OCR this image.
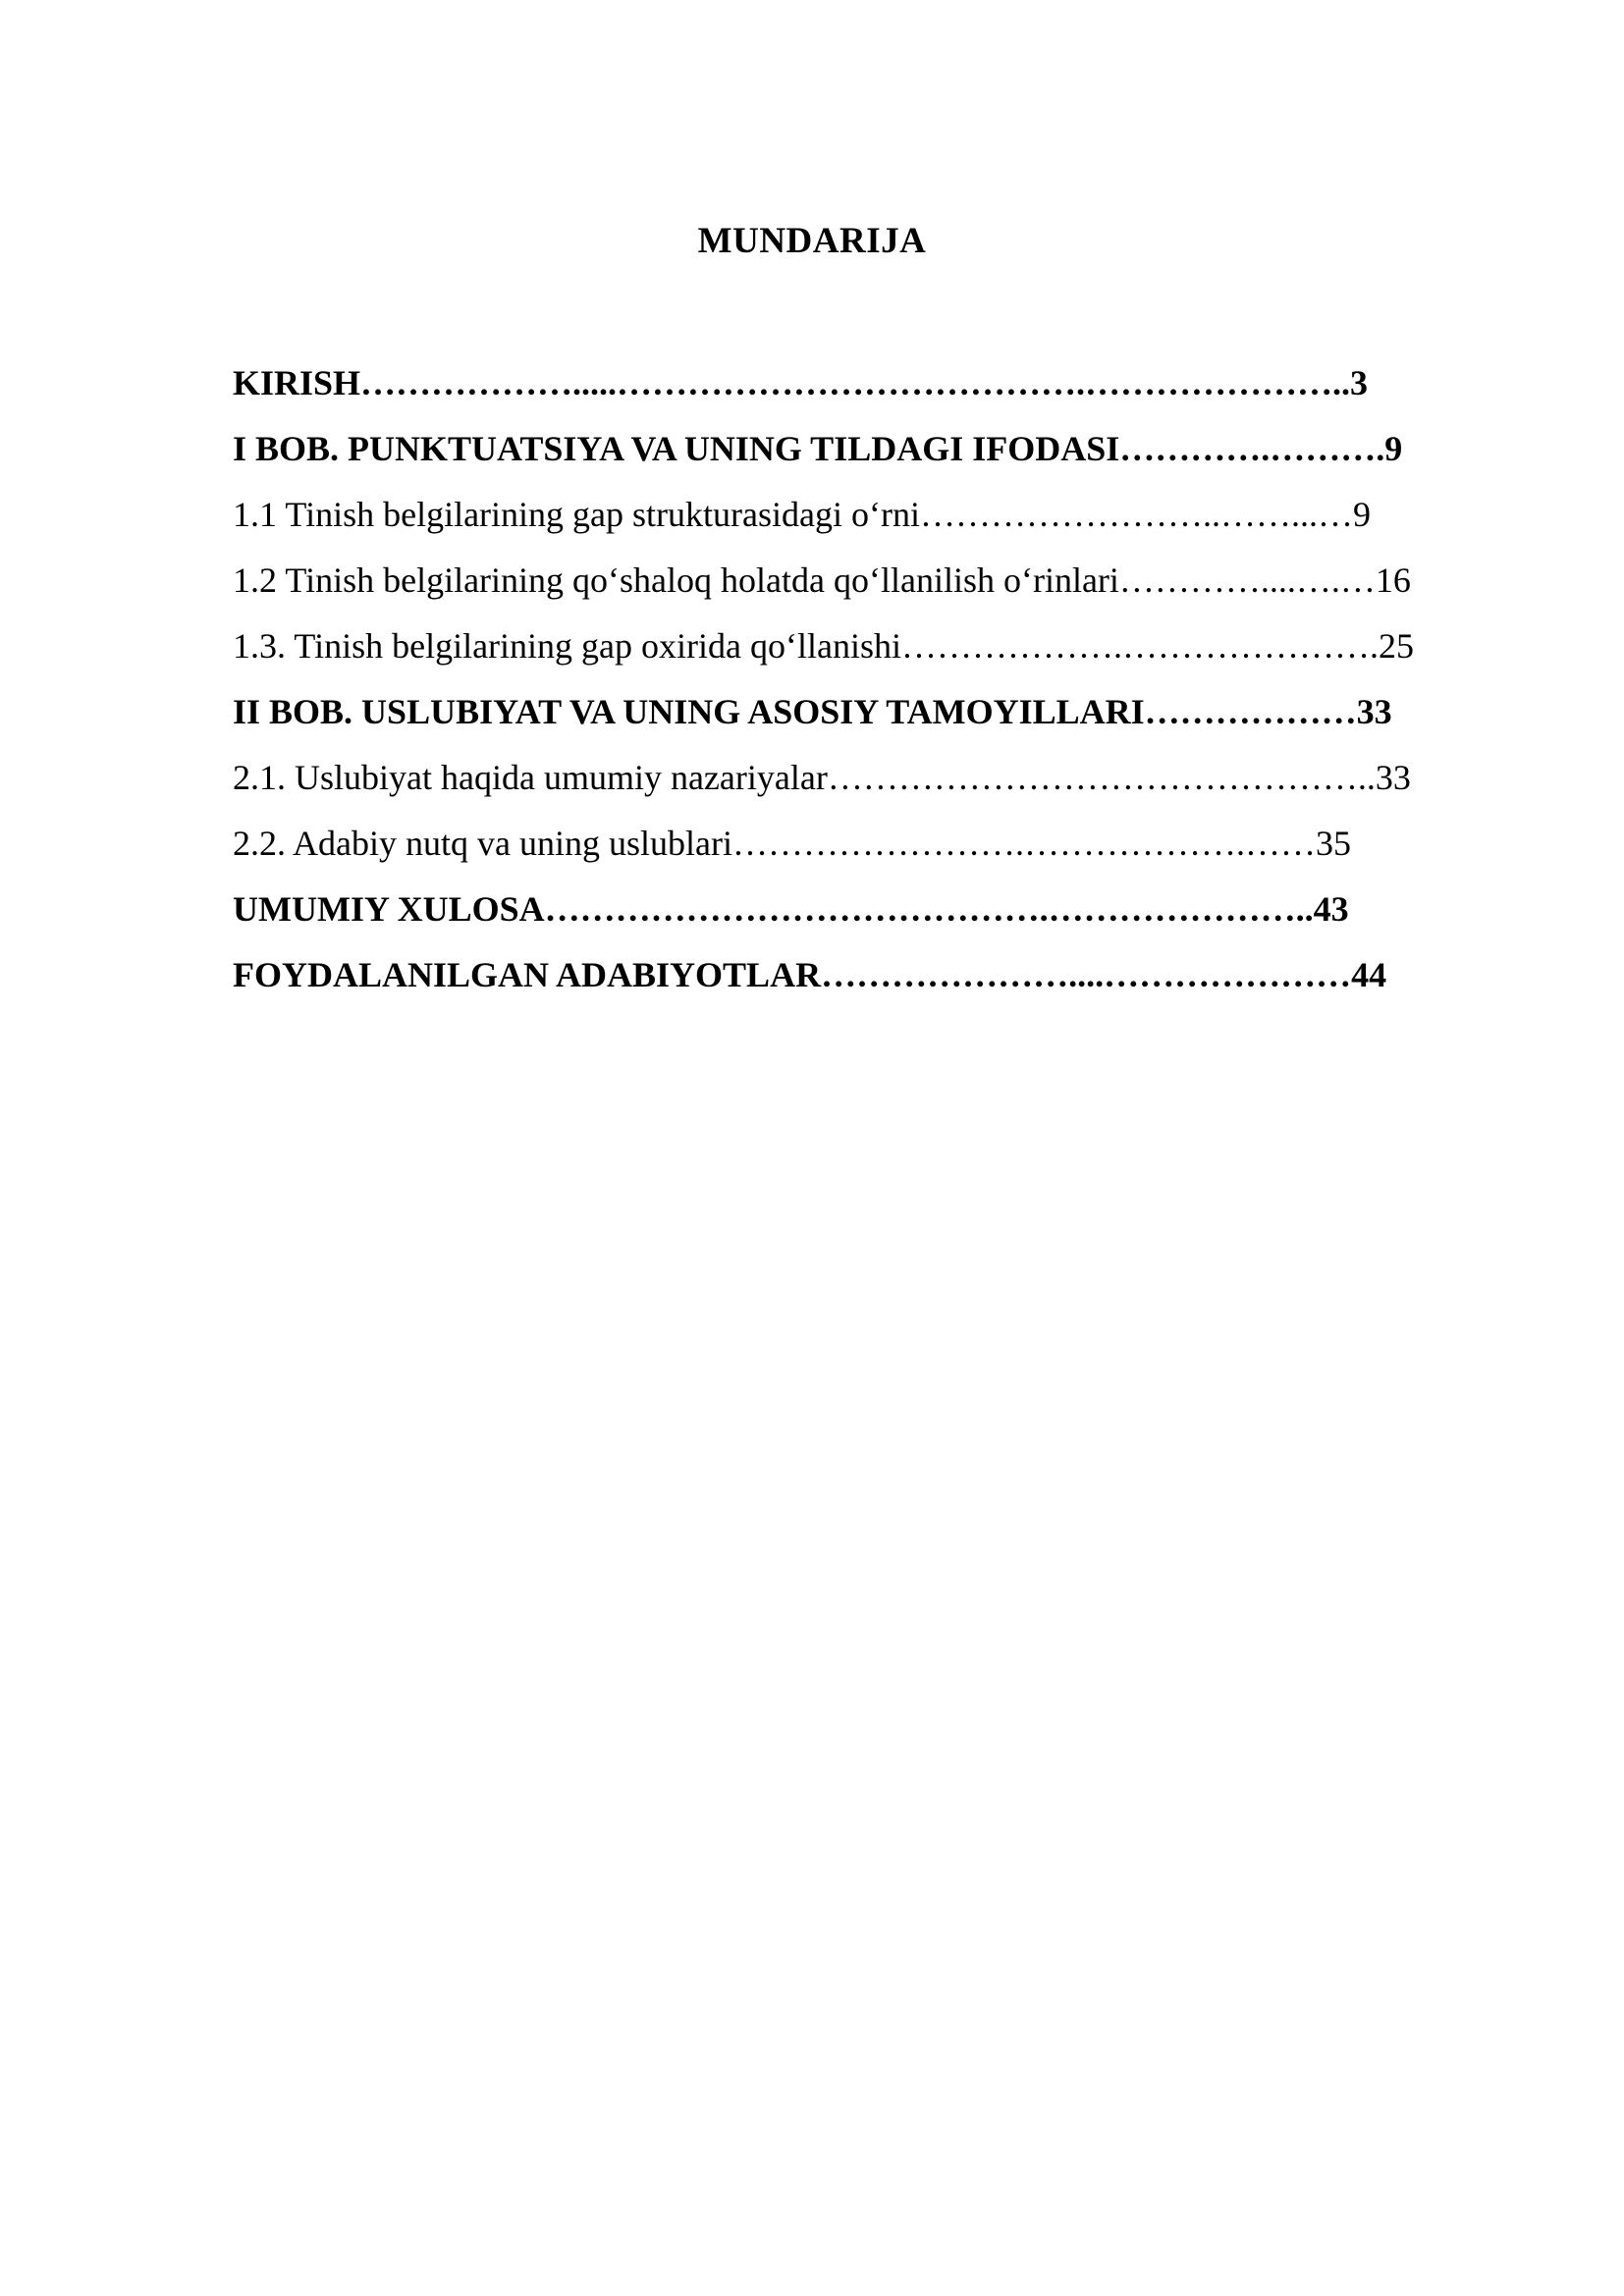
MUNDARIJA
KIRISH……………….....………………………………….…………………..3
I BOB. PUNKTUATSIYA VA UNING TILDAGI IFODASI………….……….9
1.1 Tinish belgilarining gap strukturasidagi o‘rni……………………..……...…9
1.2 Tinish belgilarining qo‘shaloq holatda qo‘llanilish o‘rinlari…………....….…16
1.3. Tinish belgilarining gap oxirida qo‘llanishi……………….………………….25
II BOB. USLUBIYAT VA UNING ASOSIY TAMOYILLARI………………33
2.1. Uslubiyat haqida umumiy nazariyalar………………………………………..33
2.2. Adabiy nutq va uning uslublari…………………….……………….……35
UMUMIY XULOSA…………………………………….…………………..43
FOYDALANILGAN ADABIYOTLAR…………………....…………………44
